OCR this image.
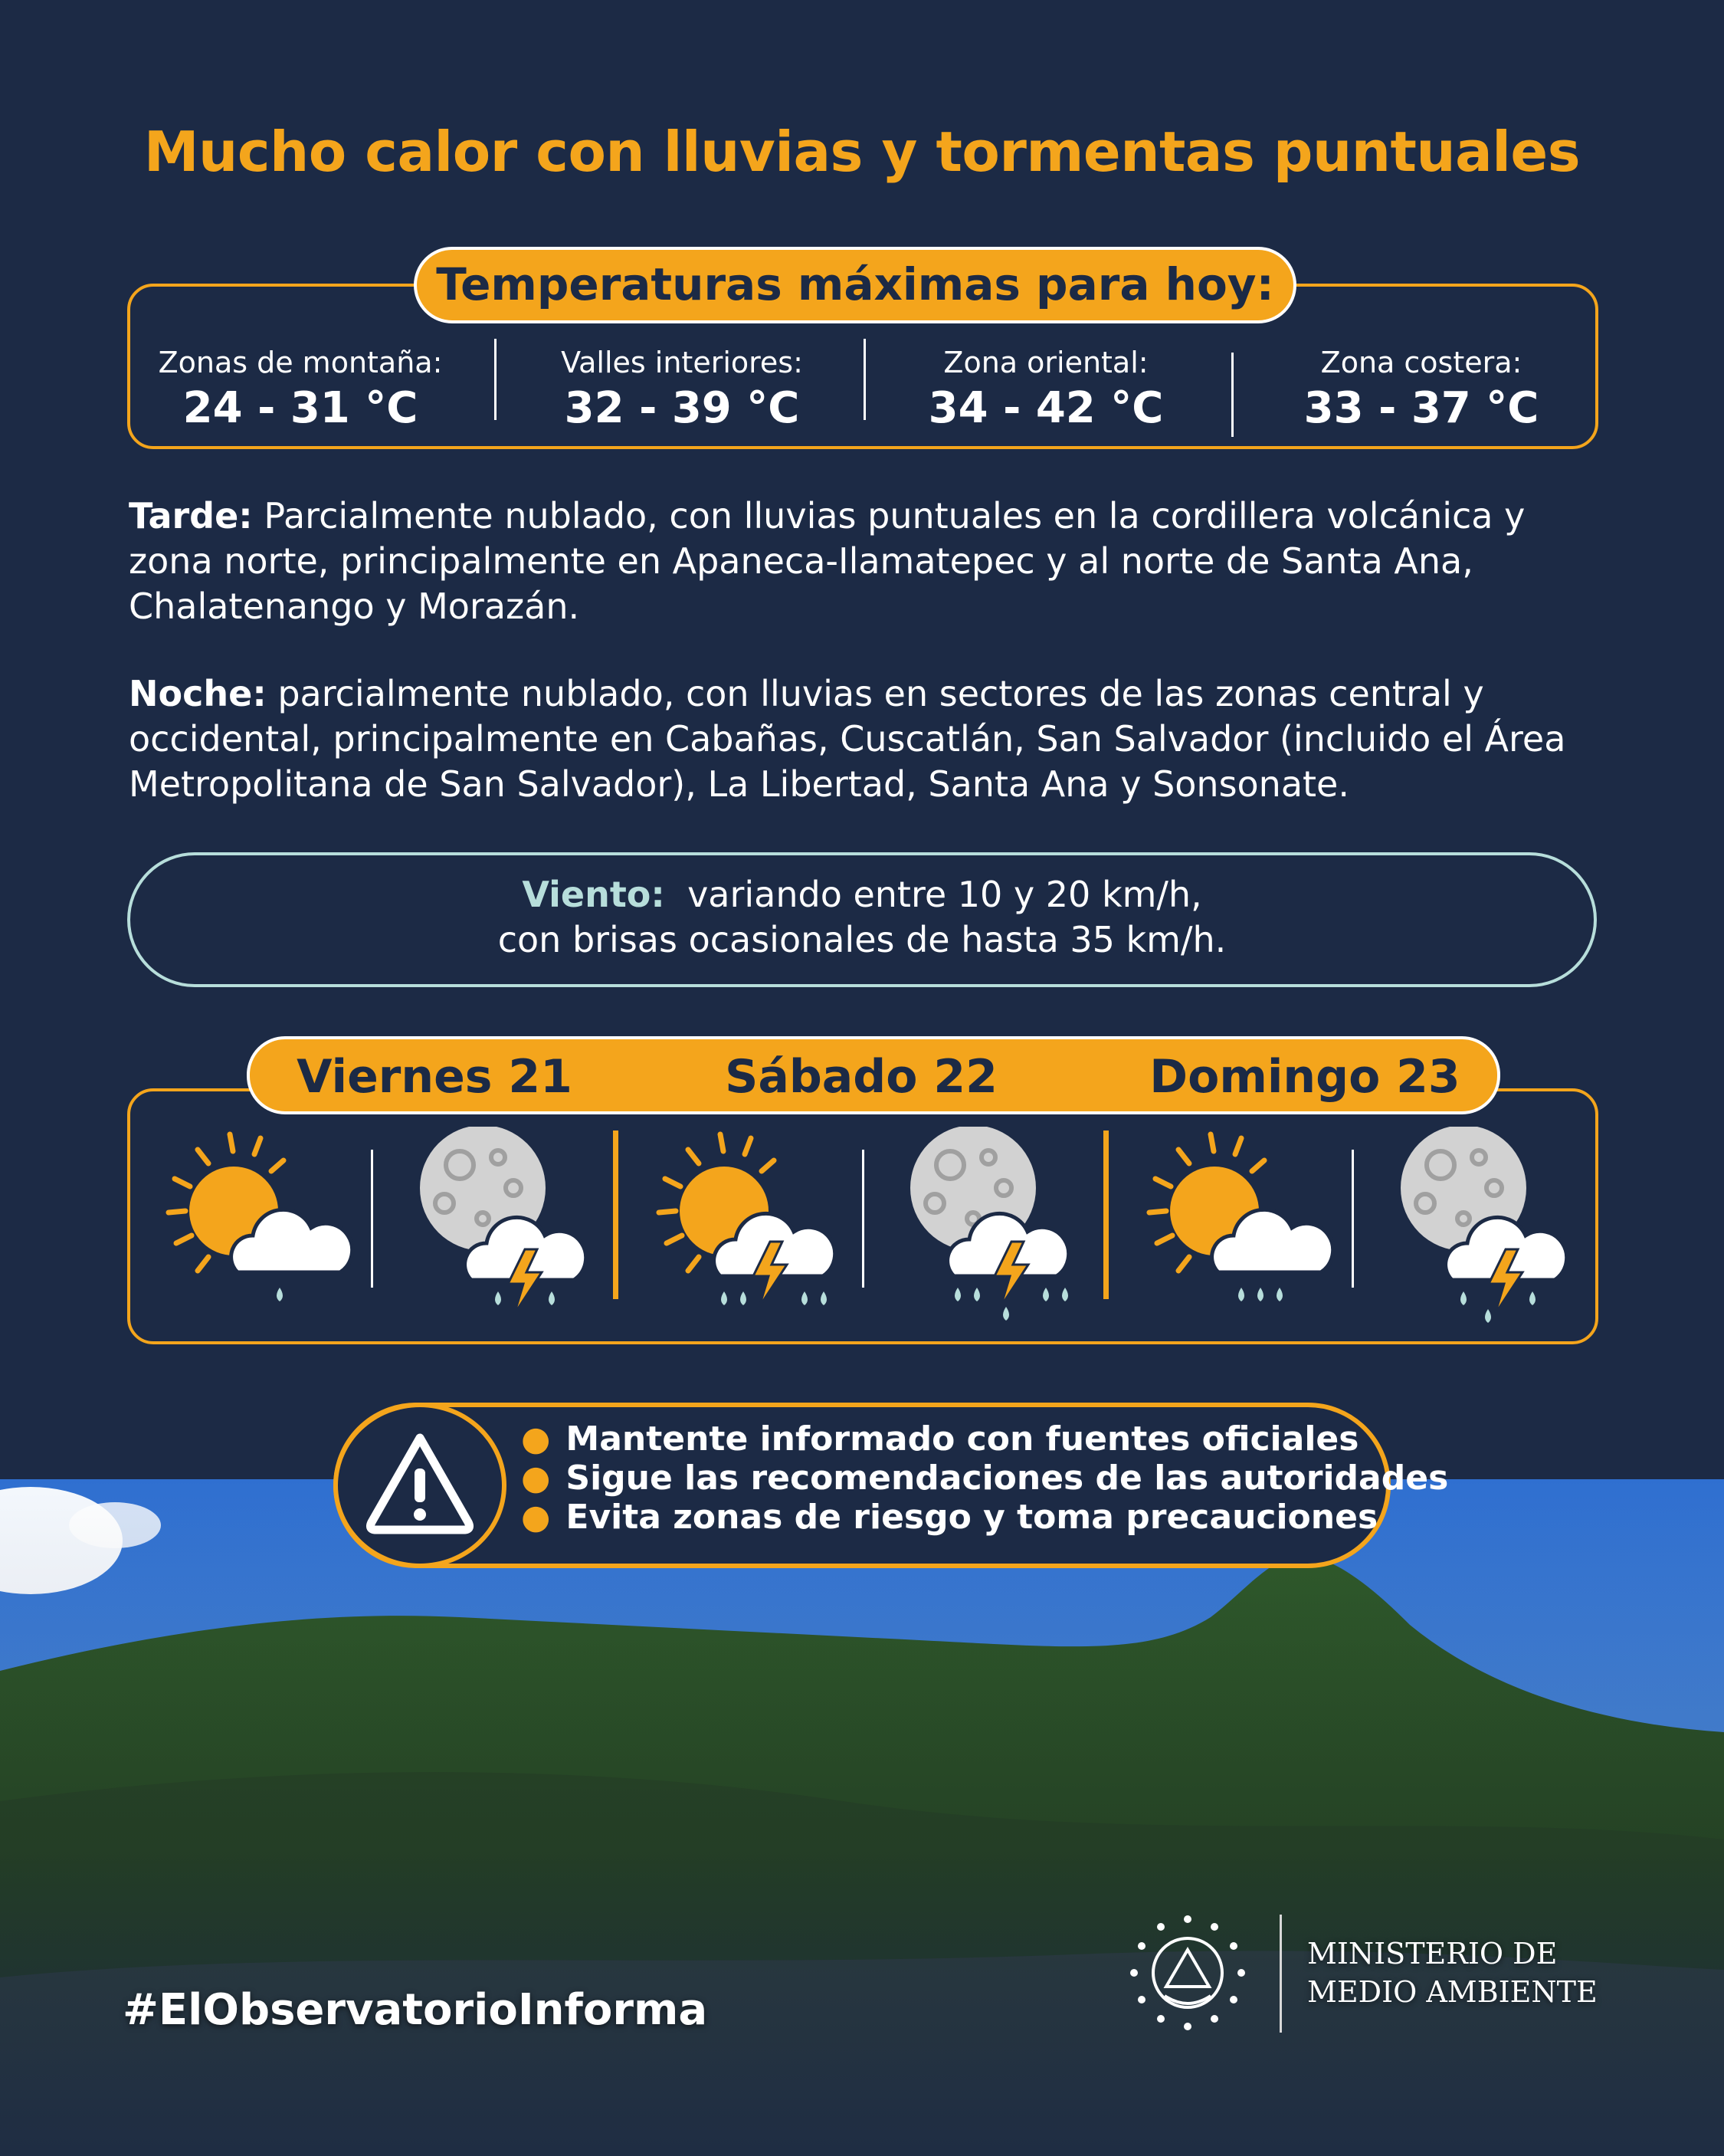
Mucho calor con lluvias y tormentas puntuales
Temperaturas máximas para hoy:
Zonas de montaña:
24 - 31 °C
Valles interiores:
32 - 39 °C
Zona oriental:
34 - 42 °C
Zona costera:
33 - 37 °C
Tarde: Parcialmente nublado, con lluvias puntuales en la cordillera volcánica y zona norte, principalmente en Apaneca-Ilamatepec y al norte de Santa Ana, Chalatenango y Morazán.
Noche: parcialmente nublado, con lluvias en sectores de las zonas central y occidental, principalmente en Cabañas, Cuscatlán, San Salvador (incluido el Área Metropolitana de San Salvador), La Libertad, Santa Ana y Sonsonate.
Viento: variando entre 10 y 20 km/h,
con brisas ocasionales de hasta 35 km/h.
Viernes 21	Sábado 22	Domingo 23
● Mantente informado con fuentes oficiales
● Sigue las recomendaciones de las autoridades
● Evita zonas de riesgo y toma precauciones
#ElObservatorioInforma
MINISTERIO DE
MEDIO AMBIENTE
